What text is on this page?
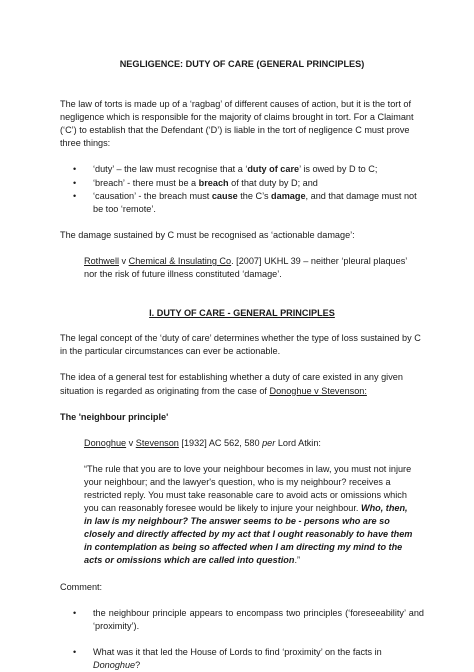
NEGLIGENCE: DUTY OF CARE (GENERAL PRINCIPLES)

The law of torts is made up of a ‘ragbag’ of different causes of action, but it is the tort of negligence which is responsible for the majority of claims brought in tort. For a Claimant (‘C’) to establish that the Defendant (‘D’) is liable in the tort of negligence C must prove three things:

• ‘duty’ – the law must recognise that a ‘duty of care’ is owed by D to C;
• ‘breach’ - there must be a breach of that duty by D; and
• ‘causation’ - the breach must cause the C’s damage, and that damage must not be too ‘remote’.

The damage sustained by C must be recognised as ‘actionable damage’:

Rothwell v Chemical & Insulating Co. [2007] UKHL 39 – neither ‘pleural plaques’ nor the risk of future illness constituted ‘damage’.

I. DUTY OF CARE - GENERAL PRINCIPLES

The legal concept of the ‘duty of care’ determines whether the type of loss sustained by C in the particular circumstances can ever be actionable.

The idea of a general test for establishing whether a duty of care existed in any given situation is regarded as originating from the case of Donoghue v Stevenson:

The 'neighbour principle'

Donoghue v Stevenson [1932] AC 562, 580 per Lord Atkin:

“The rule that you are to love your neighbour becomes in law, you must not injure your neighbour; and the lawyer's question, who is my neighbour? receives a restricted reply. You must take reasonable care to avoid acts or omissions which you can reasonably foresee would be likely to injure your neighbour. Who, then, in law is my neighbour? The answer seems to be - persons who are so closely and directly affected by my act that I ought reasonably to have them in contemplation as being so affected when I am directing my mind to the acts or omissions which are called into question.”

Comment:

• the neighbour principle appears to encompass two principles (‘foreseeability’ and ‘proximity’).
• What was it that led the House of Lords to find ‘proximity’ on the facts in Donoghue?
